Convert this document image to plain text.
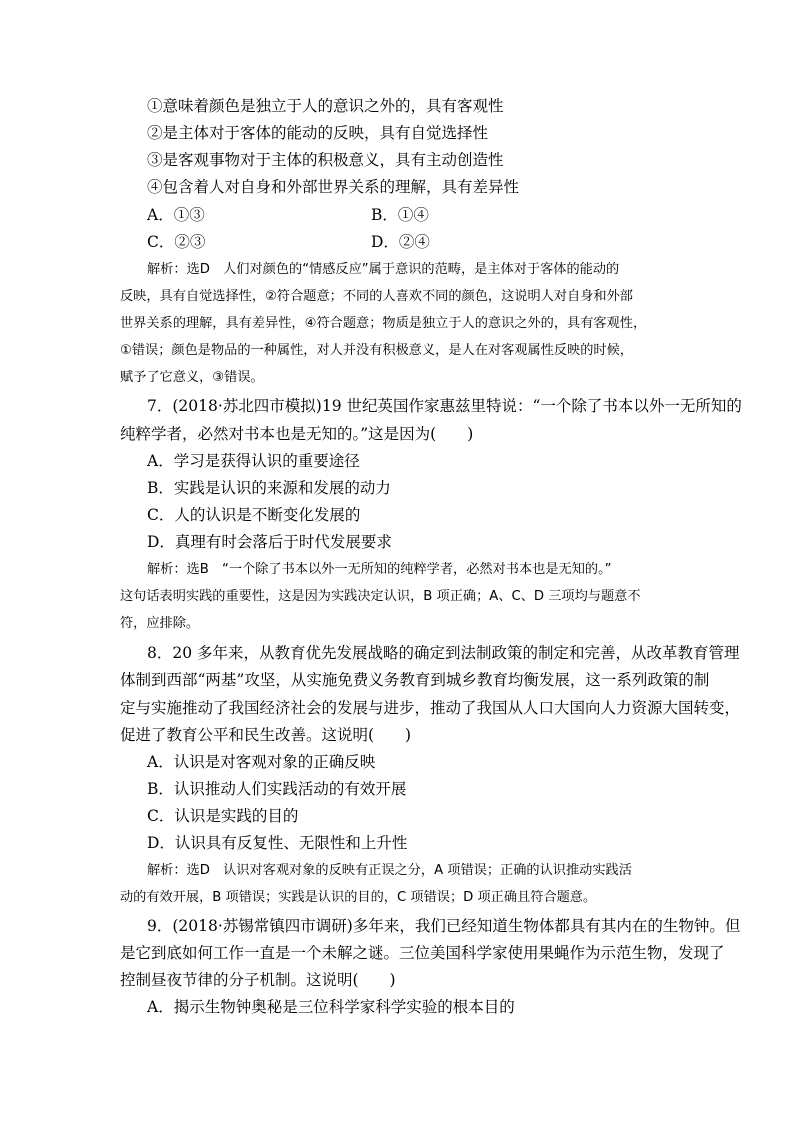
①意味着颜色是独立于人的意识之外的，具有客观性
②是主体对于客体的能动的反映，具有自觉选择性
③是客观事物对于主体的积极意义，具有主动创造性
④包含着人对自身和外部世界关系的理解，具有差异性
A．①③	B．①④
C．②③	D．②④
解析：选D　人们对颜色的“情感反应”属于意识的范畴，是主体对于客体的能动的
反映，具有自觉选择性，②符合题意；不同的人喜欢不同的颜色，这说明人对自身和外部
世界关系的理解，具有差异性，④符合题意；物质是独立于人的意识之外的，具有客观性，
①错误；颜色是物品的一种属性，对人并没有积极意义，是人在对客观属性反映的时候，
赋予了它意义，③错误。
7．(2018·苏北四市模拟)19 世纪英国作家惠兹里特说：“一个除了书本以外一无所知的
纯粹学者，必然对书本也是无知的。”这是因为(　　)
A．学习是获得认识的重要途径
B．实践是认识的来源和发展的动力
C．人的认识是不断变化发展的
D．真理有时会落后于时代发展要求
解析：选B　“一个除了书本以外一无所知的纯粹学者，必然对书本也是无知的。”
这句话表明实践的重要性，这是因为实践决定认识，B 项正确；A、C、D 三项均与题意不
符，应排除。
8．20 多年来，从教育优先发展战略的确定到法制政策的制定和完善，从改革教育管理
体制到西部“两基”攻坚，从实施免费义务教育到城乡教育均衡发展，这一系列政策的制
定与实施推动了我国经济社会的发展与进步，推动了我国从人口大国向人力资源大国转变，
促进了教育公平和民生改善。这说明(　　)
A．认识是对客观对象的正确反映
B．认识推动人们实践活动的有效开展
C．认识是实践的目的
D．认识具有反复性、无限性和上升性
解析：选D　认识对客观对象的反映有正误之分，A 项错误；正确的认识推动实践活
动的有效开展，B 项错误；实践是认识的目的，C 项错误；D 项正确且符合题意。
9．(2018·苏锡常镇四市调研)多年来，我们已经知道生物体都具有其内在的生物钟。但
是它到底如何工作一直是一个未解之谜。三位美国科学家使用果蝇作为示范生物，发现了
控制昼夜节律的分子机制。这说明(　　)
A．揭示生物钟奥秘是三位科学家科学实验的根本目的
